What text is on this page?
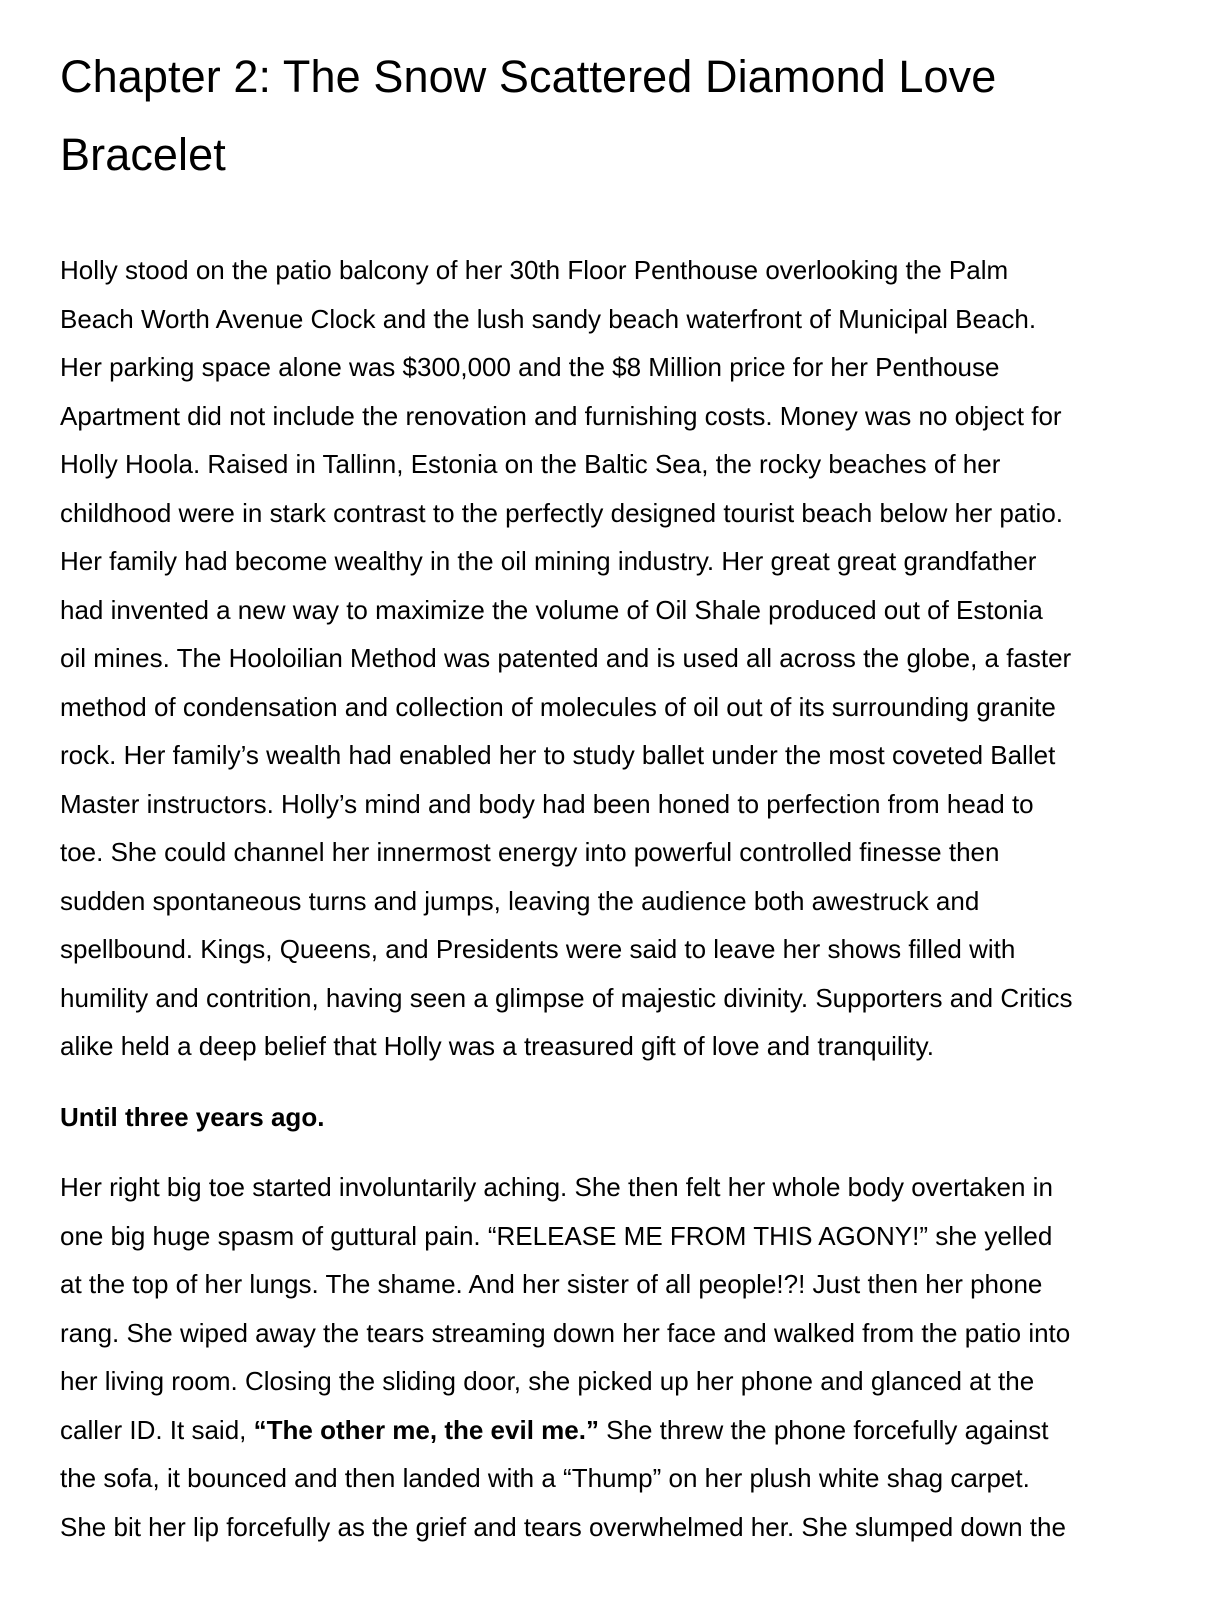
Chapter 2: The Snow Scattered Diamond Love
Bracelet

Holly stood on the patio balcony of her 30th Floor Penthouse overlooking the Palm
Beach Worth Avenue Clock and the lush sandy beach waterfront of Municipal Beach.
Her parking space alone was $300,000 and the $8 Million price for her Penthouse
Apartment did not include the renovation and furnishing costs. Money was no object for
Holly Hoola. Raised in Tallinn, Estonia on the Baltic Sea, the rocky beaches of her
childhood were in stark contrast to the perfectly designed tourist beach below her patio.
Her family had become wealthy in the oil mining industry. Her great great grandfather
had invented a new way to maximize the volume of Oil Shale produced out of Estonia
oil mines. The Hooloilian Method was patented and is used all across the globe, a faster
method of condensation and collection of molecules of oil out of its surrounding granite
rock. Her family’s wealth had enabled her to study ballet under the most coveted Ballet
Master instructors. Holly’s mind and body had been honed to perfection from head to
toe. She could channel her innermost energy into powerful controlled finesse then
sudden spontaneous turns and jumps, leaving the audience both awestruck and
spellbound. Kings, Queens, and Presidents were said to leave her shows filled with
humility and contrition, having seen a glimpse of majestic divinity. Supporters and Critics
alike held a deep belief that Holly was a treasured gift of love and tranquility.

Until three years ago.

Her right big toe started involuntarily aching. She then felt her whole body overtaken in
one big huge spasm of guttural pain. “RELEASE ME FROM THIS AGONY!” she yelled
at the top of her lungs. The shame. And her sister of all people!?! Just then her phone
rang. She wiped away the tears streaming down her face and walked from the patio into
her living room. Closing the sliding door, she picked up her phone and glanced at the
caller ID. It said, “The other me, the evil me.” She threw the phone forcefully against
the sofa, it bounced and then landed with a “Thump” on her plush white shag carpet.
She bit her lip forcefully as the grief and tears overwhelmed her. She slumped down the
